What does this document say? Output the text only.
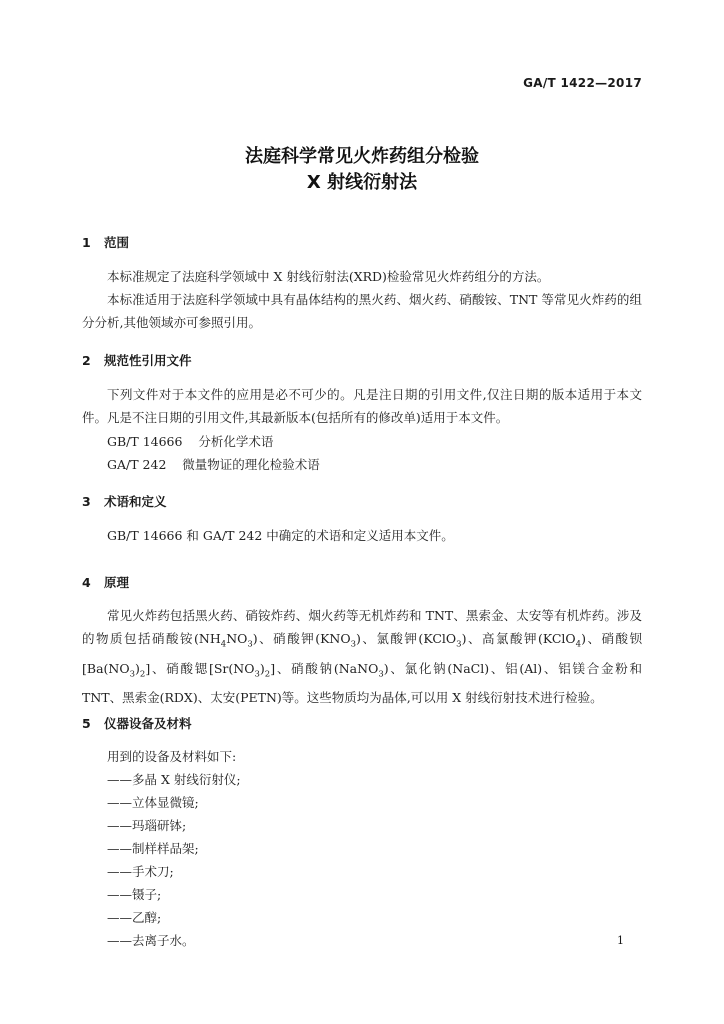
GA/T 1422—2017
法庭科学常见火炸药组分检验
X 射线衍射法
1 范围

本标准规定了法庭科学领域中 X 射线衍射法(XRD)检验常见火炸药组分的方法。

本标准适用于法庭科学领域中具有晶体结构的黑火药、烟火药、硝酸铵、TNT 等常见火炸药的组分分析,其他领域亦可参照引用。

2 规范性引用文件

下列文件对于本文件的应用是必不可少的。凡是注日期的引用文件,仅注日期的版本适用于本文件。凡是不注日期的引用文件,其最新版本(包括所有的修改单)适用于本文件。

GB/T 14666    分析化学术语
GA/T 242    微量物证的理化检验术语
3 术语和定义

GB/T 14666 和 GA/T 242 中确定的术语和定义适用本文件。

4 原理
常见火炸药包括黑火药、硝铵炸药、烟火药等无机炸药和 TNT、黑索金、太安等有机炸药。涉及的物质包括硝酸铵$(NH_4NO_3)$、硝酸钾$(KNO_3)$、氯酸钾(KClO$_3$)、高氯酸钾(KClO$_4$)、硝酸钡$[Ba(NO_3)_2]$、硝酸锶$[Sr(NO_3)_2]$、硝酸钠(NaNO$_3$)、氯化钠(NaCl)、铝(Al)、铝镁合金粉和 TNT、黑索金(RDX)、太安(PETN)等。这些物质均为晶体,可以用 X 射线衍射技术进行检验。
5 仪器设备及材料
用到的设备及材料如下:
——多晶 X 射线衍射仪;
——立体显微镜;
——玛瑙研钵;
——制样样品架;
——手术刀;
——镊子;
——乙醇;
——去离子水。	1
